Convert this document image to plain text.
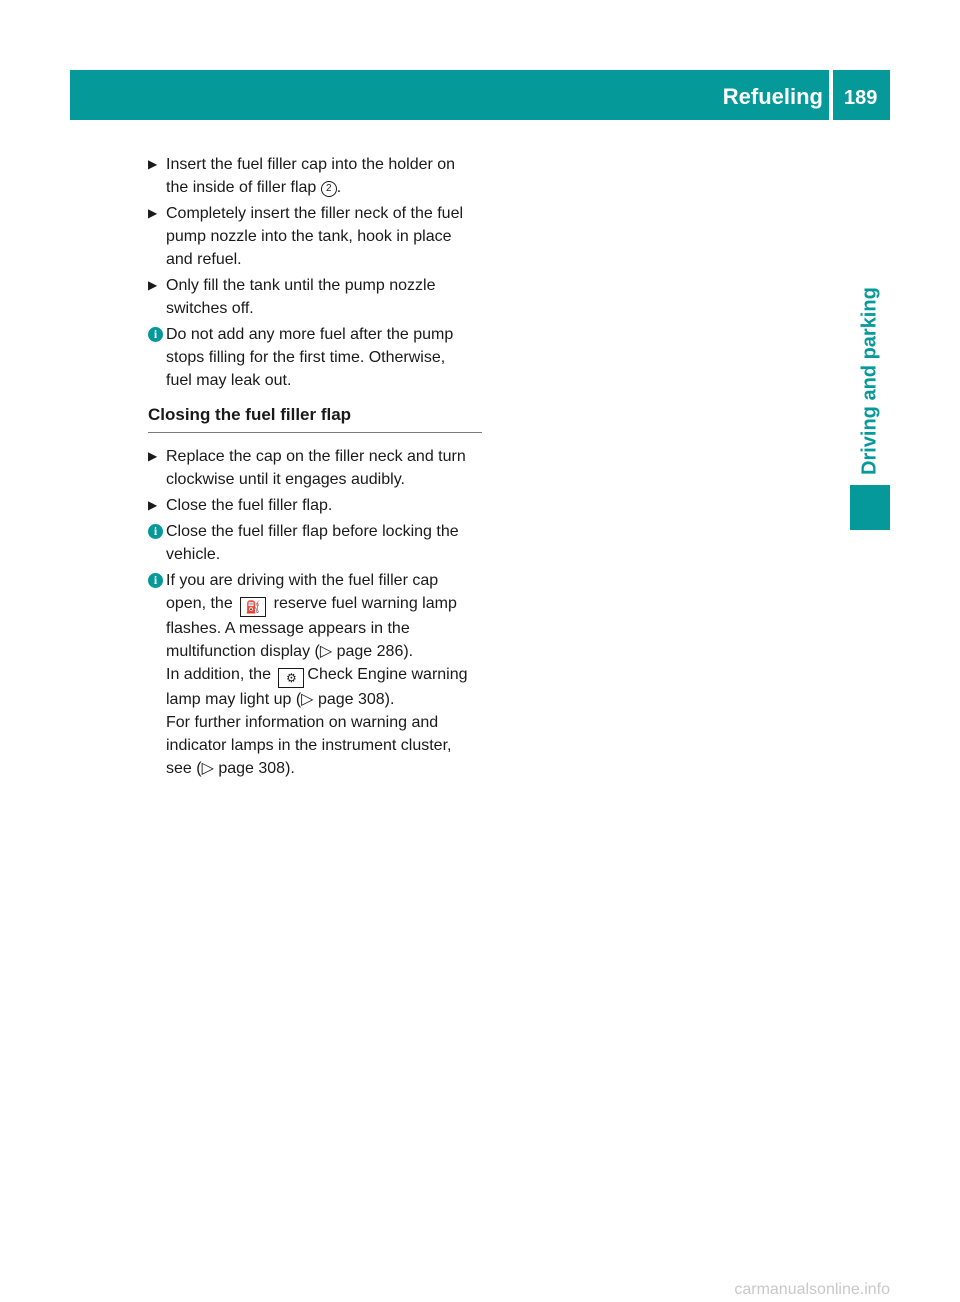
Refueling 189
Driving and parking
▶ Insert the fuel filler cap into the holder on
the inside of filler flap 2 .
▶ Completely insert the filler neck of the fuel
pump nozzle into the tank, hook in place
and refuel.
▶ Only fill the tank until the pump nozzle
switches off.
i Do not add any more fuel after the pump
stops filling for the first time. Otherwise,
fuel may leak out.
Closing the fuel filler flap
▶ Replace the cap on the filler neck and turn
clockwise until it engages audibly.
▶ Close the fuel filler flap.
i Close the fuel filler flap before locking the
vehicle.
i If you are driving with the fuel filler cap
open, the ⛽ reserve fuel warning lamp
flashes. A message appears in the
multifunction display (▷ page 286).
In addition, the ⚙ Check Engine warning
lamp may light up (▷ page 308).
For further information on warning and
indicator lamps in the instrument cluster,
see (▷ page 308).
carmanualsonline.info
